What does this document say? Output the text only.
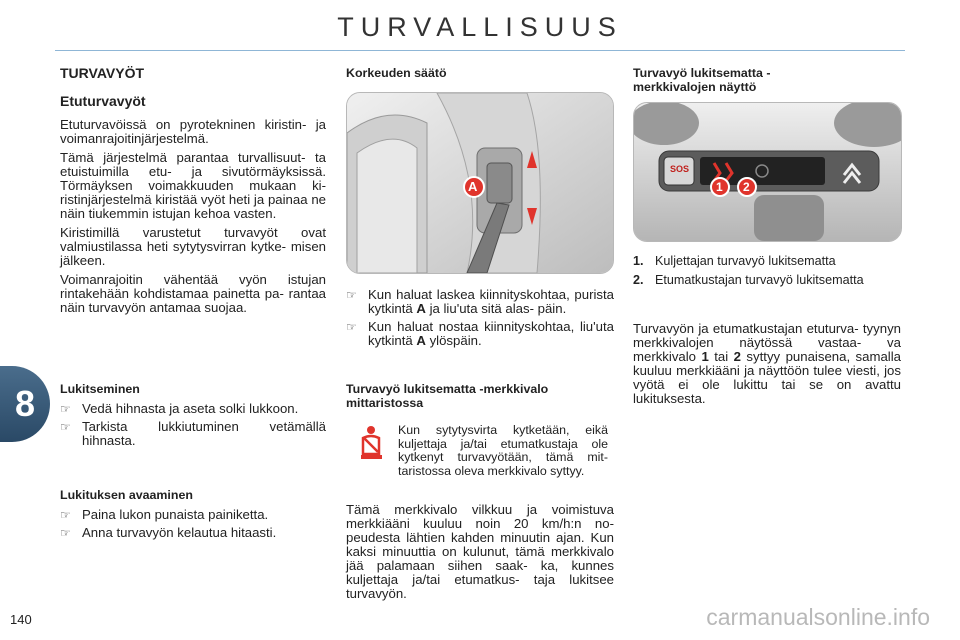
TURVALLISUUS
8
140
TURVAVYÖT
Etuturvavyöt

Etuturvavöissä on pyrotekninen kiristin- ja voimanrajoitinjärjestelmä.

Tämä järjestelmä parantaa turvallisuut- ta etuistuimilla etu- ja sivutörmäyksissä. Törmäyksen voimakkuuden mukaan ki- ristinjärjestelmä kiristää vyöt heti ja painaa ne näin tiukemmin istujan kehoa vasten.

Kiristimillä varustetut turvavyöt ovat valmiustilassa heti sytytysvirran kytke- misen jälkeen.

Voimanrajoitin vähentää vyön istujan rintakehään kohdistamaa painetta pa- rantaa näin turvavyön antamaa suojaa.

Lukitseminen
☞ Vedä hihnasta ja aseta solki lukkoon.
☞ Tarkista lukkiutuminen vetämällä hihnasta.
Lukituksen avaaminen
☞ Paina lukon punaista painiketta.
☞ Anna turvavyön kelautua hitaasti.
Korkeuden säätö
A
☞ Kun haluat laskea kiinnityskohtaa, purista kytkintä A ja liu'uta sitä alas- päin.
☞ Kun haluat nostaa kiinnityskohtaa, liu'uta kytkintä A ylöspäin.
Turvavyö lukitsematta -merkkivalo mittaristossa

Kun sytytysvirta kytketään, eikä kuljettaja ja/tai etumatkustaja ole kytkenyt turvavyötään, tämä mit- taristossa oleva merkkivalo syttyy.

Tämä merkkivalo vilkkuu ja voimistuva merkkiääni kuuluu noin 20 km/h:n no- peudesta lähtien kahden minuutin ajan. Kun kaksi minuuttia on kulunut, tämä merkkivalo jää palamaan siihen saak- ka, kunnes kuljettaja ja/tai etumatkus- taja lukitsee turvavyön.

Turvavyö lukitsematta - merkkivalojen näyttö
SOS
1 2
1. Kuljettajan turvavyö lukitsematta
2. Etumatkustajan turvavyö lukitsematta

Turvavyön ja etumatkustajan etuturva- tyynyn merkkivalojen näytössä vastaa- va merkkivalo 1 tai 2 syttyy punaisena, samalla kuuluu merkkiääni ja näyttöön tulee viesti, jos vyötä ei ole lukittu tai se on avattu lukituksesta.

carmanualsonline.info
